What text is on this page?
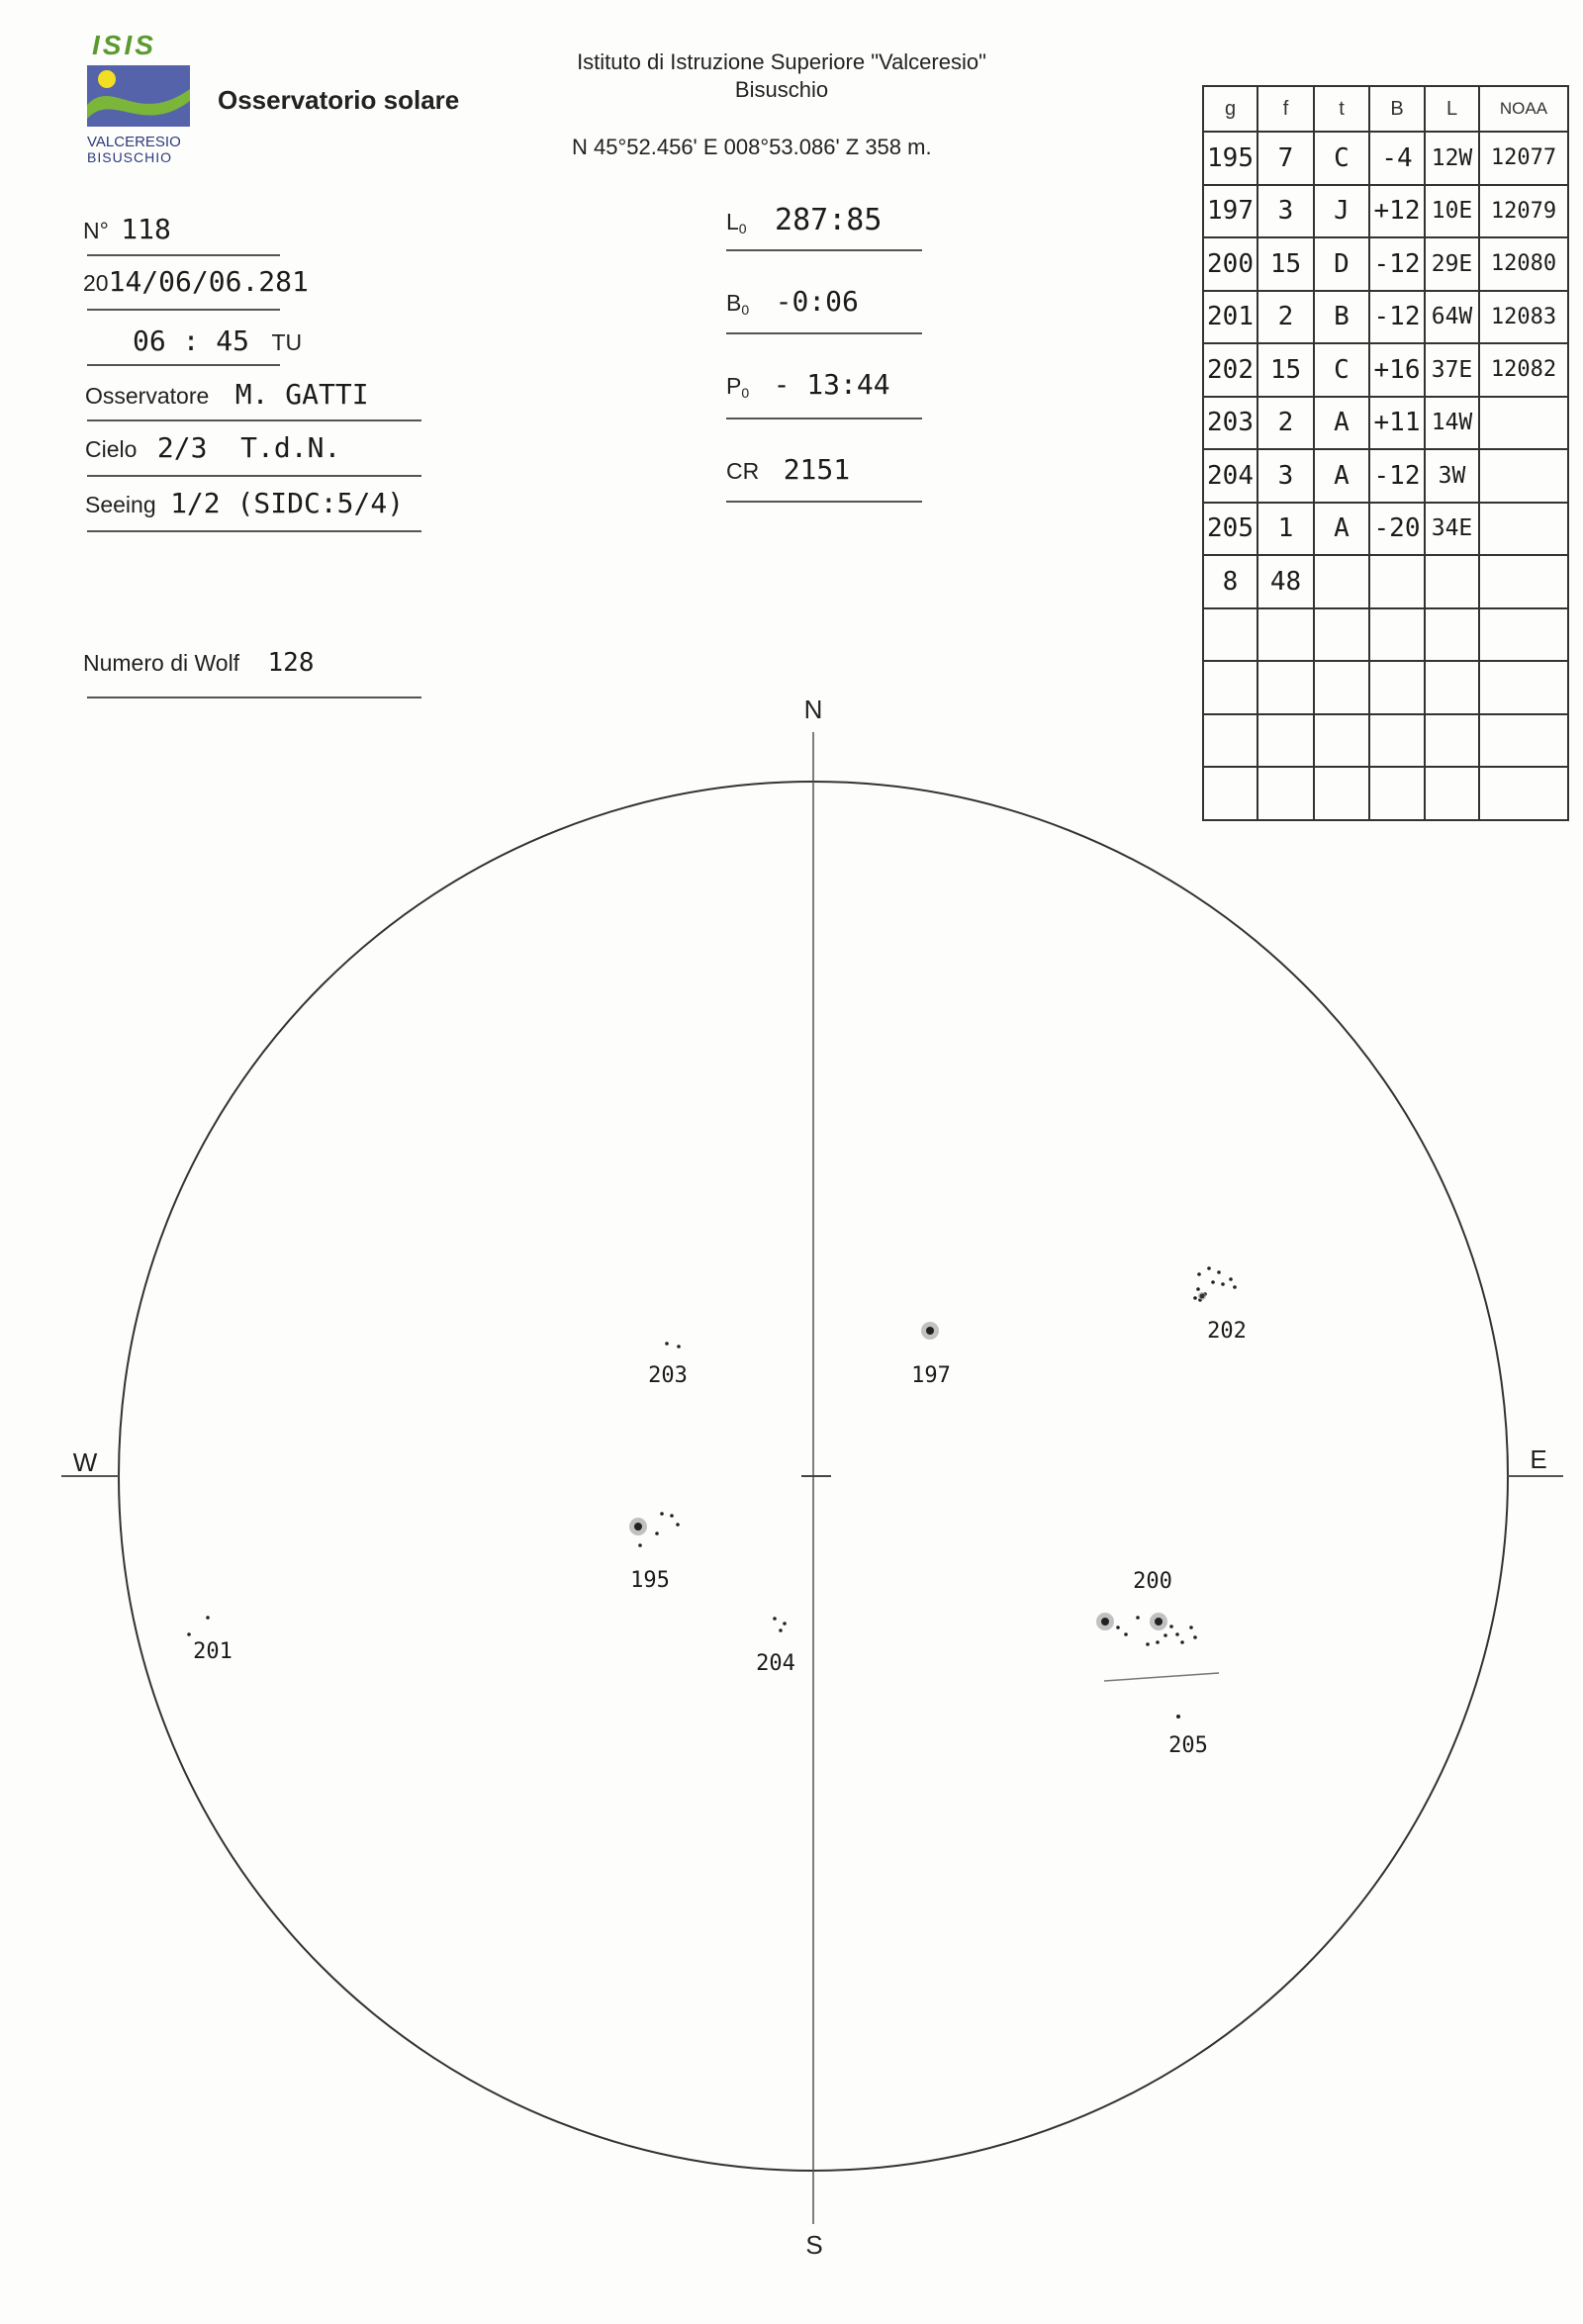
ISIS
VALCERESIO
BISUSCHIO
Osservatorio solare
Istituto di Istruzione Superiore "Valceresio"
Bisuschio
N 45°52.456' E 008°53.086' Z 358 m.
N° 118
2014/06/06.281
06 : 45 TU
Osservatore M. GATTI
Cielo 2/3  T.d.N.
Seeing 1/2 (SIDC:5/4)
Numero di Wolf 128
$L_0$ 287:85
$B_0$ -0:06
$P_0$ - 13:44
CR 2151
g	f	t	B	L	NOAA
195	7	C	-4	12W	12077
197	3	J	+12	10E	12079
200	15	D	-12	29E	12080
201	2	B	-12	64W	12083
202	15	C	+16	37E	12082
203	2	A	+11	14W	
204	3	A	-12	3W	
205	1	A	-20	34E	
8	48				

N
S
W	E
203	197
202
195	200
201	204
205
